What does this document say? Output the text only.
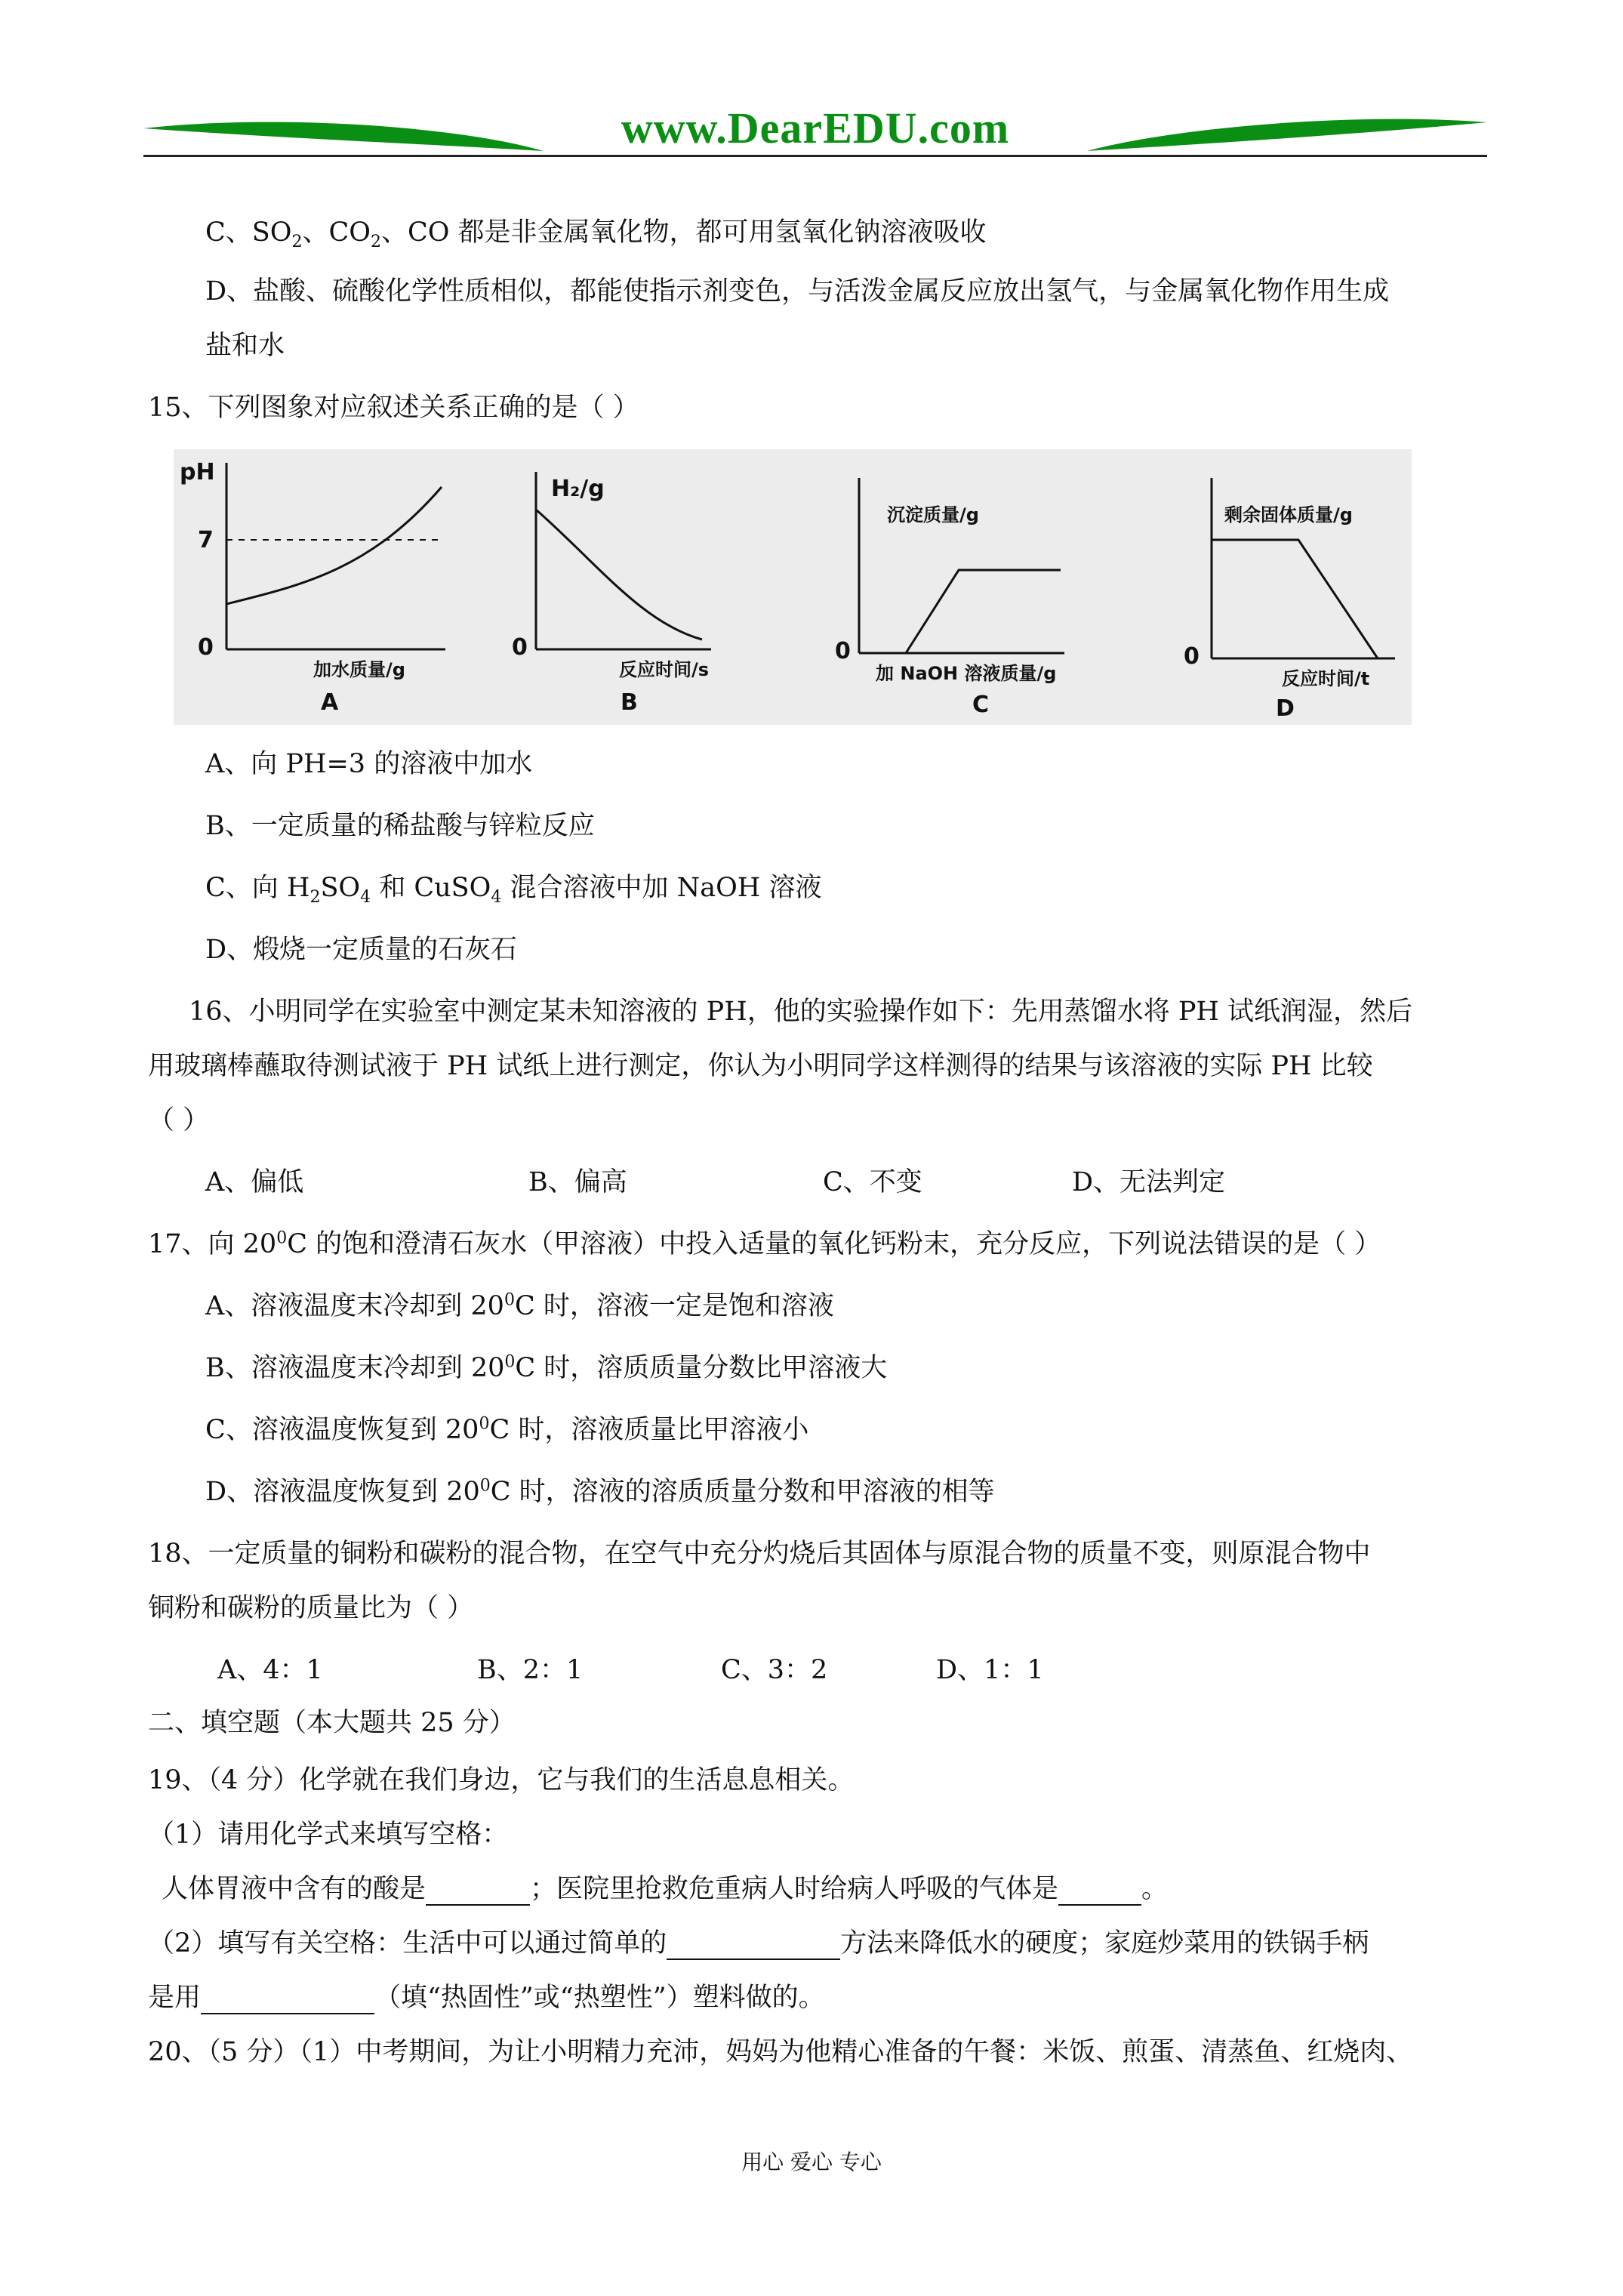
www.DearEDU.com
C、$SO_2$、$CO_2$、CO 都是非金属氧化物，都可用氢氧化钠溶液吸收
D、盐酸、硫酸化学性质相似，都能使指示剂变色，与活泼金属反应放出氢气，与金属氧化物作用生成
盐和水
15、下列图象对应叙述关系正确的是（ ）
pH
7
0
加水质量/g
A
H₂/g
0
反应时间/s
B
沉淀质量/g
0
加 NaOH 溶液质量/g
C
剩余固体质量/g
0
反应时间/t
D
A、向 PH=3 的溶液中加水
B、一定质量的稀盐酸与锌粒反应
C、向 $H_2SO_4$ 和 CuSO$_4$ 混合溶液中加 NaOH 溶液
D、煅烧一定质量的石灰石
16、小明同学在实验室中测定某未知溶液的 PH，他的实验操作如下：先用蒸馏水将 PH 试纸润湿，然后
用玻璃棒蘸取待测试液于 PH 试纸上进行测定，你认为小明同学这样测得的结果与该溶液的实际 PH 比较
（ ）
A、偏低	B、偏高	C、不变	D、无法判定
17、向 $20^0C$ 的饱和澄清石灰水（甲溶液）中投入适量的氧化钙粉末，充分反应，下列说法错误的是（ ）
A、溶液温度末冷却到 $20^0C$ 时，溶液一定是饱和溶液
B、溶液温度末冷却到 $20^0C$ 时，溶质质量分数比甲溶液大
C、溶液温度恢复到 $20^0C$ 时，溶液质量比甲溶液小
D、溶液温度恢复到 $20^0C$ 时，溶液的溶质质量分数和甲溶液的相等
18、一定质量的铜粉和碳粉的混合物，在空气中充分灼烧后其固体与原混合物的质量不变，则原混合物中
铜粉和碳粉的质量比为（ ）
A、4：1	B、2：1	C、3：2	D、1：1
二、填空题（本大题共 25 分）
19、（4 分）化学就在我们身边，它与我们的生活息息相关。
（1）请用化学式来填写空格：
人体胃液中含有的酸是	；医院里抢救危重病人时给病人呼吸的气体是	。
（2）填写有关空格：生活中可以通过简单的	方法来降低水的硬度；家庭炒菜用的铁锅手柄
是用	（填“热固性”或“热塑性”）塑料做的。
20、（5 分）（1）中考期间，为让小明精力充沛，妈妈为他精心准备的午餐：米饭、煎蛋、清蒸鱼、红烧肉、
用心 爱心 专心
